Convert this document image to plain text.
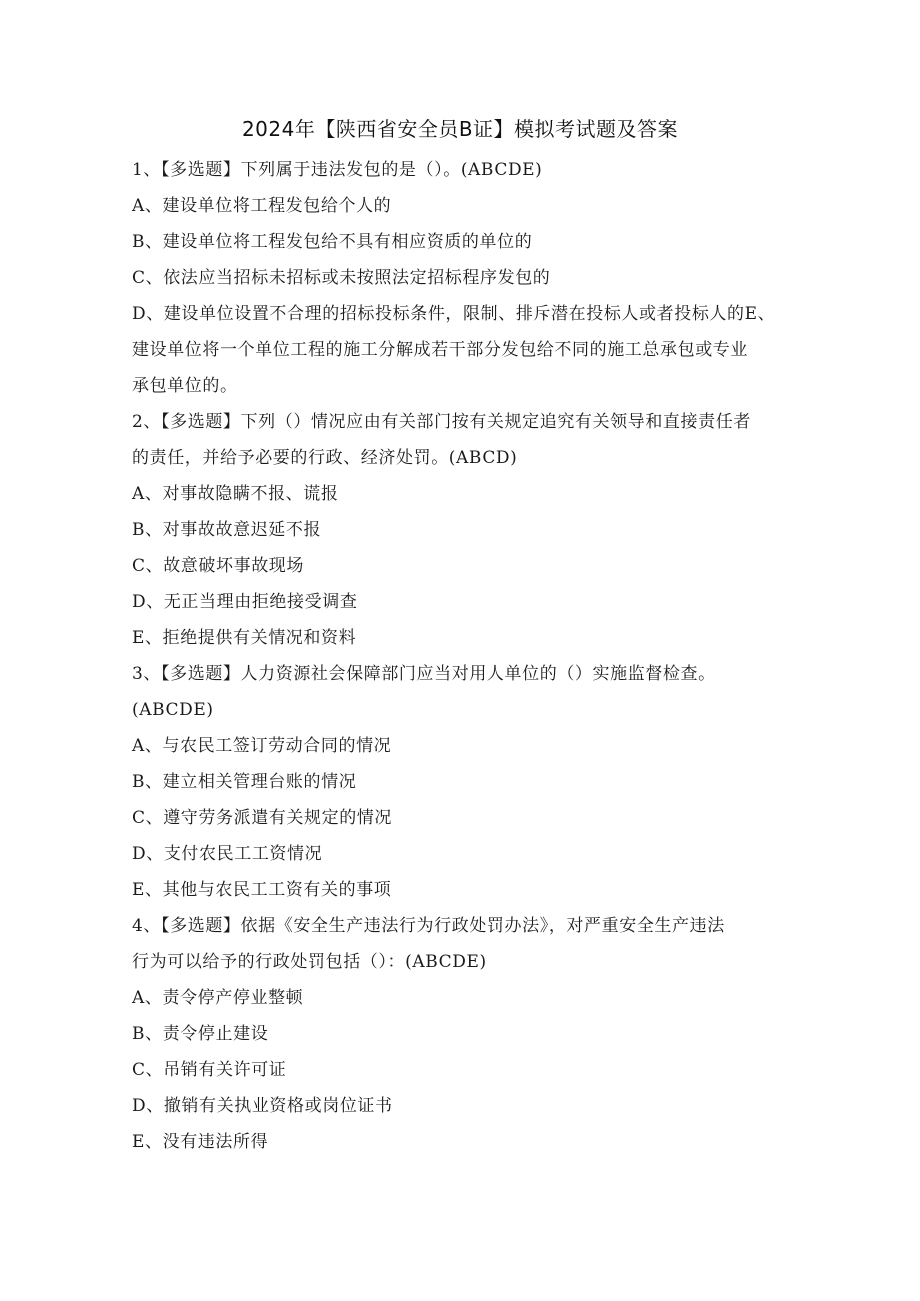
2024年【陕西省安全员B证】模拟考试题及答案
1、【多选题】下列属于违法发包的是（）。(ABCDE)
A、建设单位将工程发包给个人的
B、建设单位将工程发包给不具有相应资质的单位的
C、依法应当招标未招标或未按照法定招标程序发包的
D、建设单位设置不合理的招标投标条件，限制、排斥潜在投标人或者投标人的E、
建设单位将一个单位工程的施工分解成若干部分发包给不同的施工总承包或专业
承包单位的。
2、【多选题】下列（）情况应由有关部门按有关规定追究有关领导和直接责任者
的责任，并给予必要的行政、经济处罚。(ABCD)
A、对事故隐瞒不报、谎报
B、对事故故意迟延不报
C、故意破坏事故现场
D、无正当理由拒绝接受调查
E、拒绝提供有关情况和资料
3、【多选题】人力资源社会保障部门应当对用人单位的（）实施监督检查。
(ABCDE)
A、与农民工签订劳动合同的情况
B、建立相关管理台账的情况
C、遵守劳务派遣有关规定的情况
D、支付农民工工资情况
E、其他与农民工工资有关的事项
4、【多选题】依据《安全生产违法行为行政处罚办法》，对严重安全生产违法
行为可以给予的行政处罚包括（）：(ABCDE)
A、责令停产停业整顿
B、责令停止建设
C、吊销有关许可证
D、撤销有关执业资格或岗位证书
E、没有违法所得
